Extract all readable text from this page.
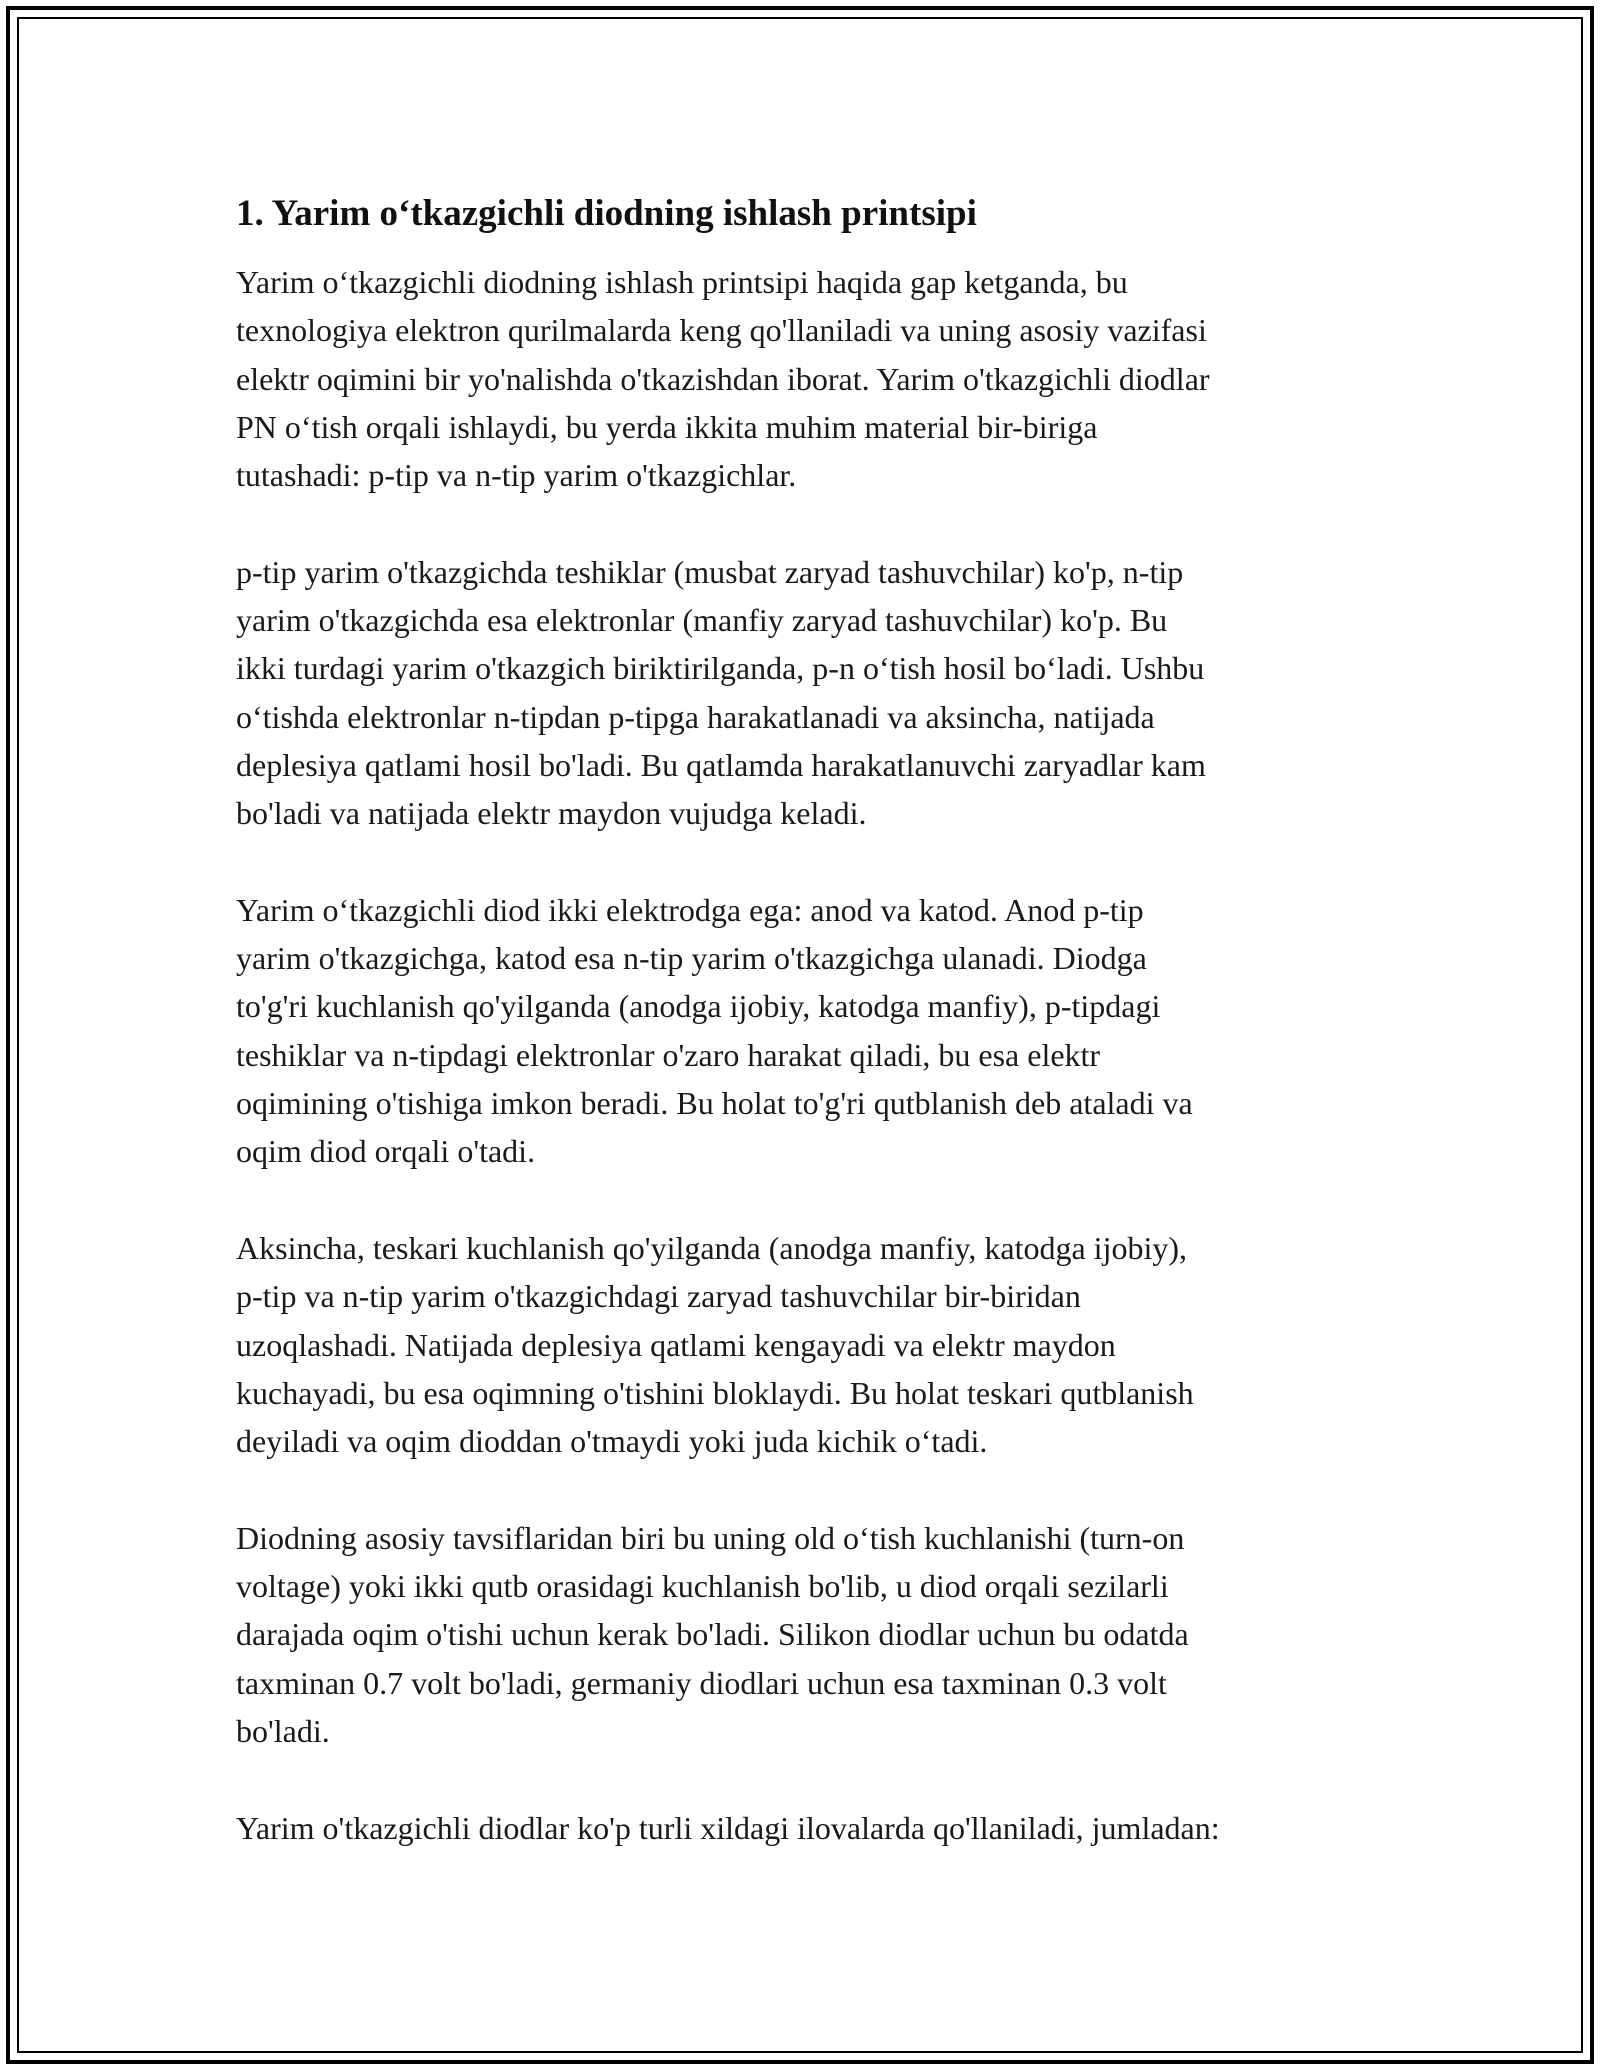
1. Yarim o‘tkazgichli diodning ishlash printsipi

Yarim o‘tkazgichli diodning ishlash printsipi haqida gap ketganda, bu
texnologiya elektron qurilmalarda keng qo'llaniladi va uning asosiy vazifasi
elektr oqimini bir yo'nalishda o'tkazishdan iborat. Yarim o'tkazgichli diodlar
PN o‘tish orqali ishlaydi, bu yerda ikkita muhim material bir-biriga
tutashadi: p-tip va n-tip yarim o'tkazgichlar.

p-tip yarim o'tkazgichda teshiklar (musbat zaryad tashuvchilar) ko'p, n-tip
yarim o'tkazgichda esa elektronlar (manfiy zaryad tashuvchilar) ko'p. Bu
ikki turdagi yarim o'tkazgich biriktirilganda, p-n o‘tish hosil bo‘ladi. Ushbu
o‘tishda elektronlar n-tipdan p-tipga harakatlanadi va aksincha, natijada
deplesiya qatlami hosil bo'ladi. Bu qatlamda harakatlanuvchi zaryadlar kam
bo'ladi va natijada elektr maydon vujudga keladi.

Yarim o‘tkazgichli diod ikki elektrodga ega: anod va katod. Anod p-tip
yarim o'tkazgichga, katod esa n-tip yarim o'tkazgichga ulanadi. Diodga
to'g'ri kuchlanish qo'yilganda (anodga ijobiy, katodga manfiy), p-tipdagi
teshiklar va n-tipdagi elektronlar o'zaro harakat qiladi, bu esa elektr
oqimining o'tishiga imkon beradi. Bu holat to'g'ri qutblanish deb ataladi va
oqim diod orqali o'tadi.

Aksincha, teskari kuchlanish qo'yilganda (anodga manfiy, katodga ijobiy),
p-tip va n-tip yarim o'tkazgichdagi zaryad tashuvchilar bir-biridan
uzoqlashadi. Natijada deplesiya qatlami kengayadi va elektr maydon
kuchayadi, bu esa oqimning o'tishini bloklaydi. Bu holat teskari qutblanish
deyiladi va oqim dioddan o'tmaydi yoki juda kichik o‘tadi.

Diodning asosiy tavsiflaridan biri bu uning old o‘tish kuchlanishi (turn-on
voltage) yoki ikki qutb orasidagi kuchlanish bo'lib, u diod orqali sezilarli
darajada oqim o'tishi uchun kerak bo'ladi. Silikon diodlar uchun bu odatda
taxminan 0.7 volt bo'ladi, germaniy diodlari uchun esa taxminan 0.3 volt
bo'ladi.

Yarim o'tkazgichli diodlar ko'p turli xildagi ilovalarda qo'llaniladi, jumladan:
